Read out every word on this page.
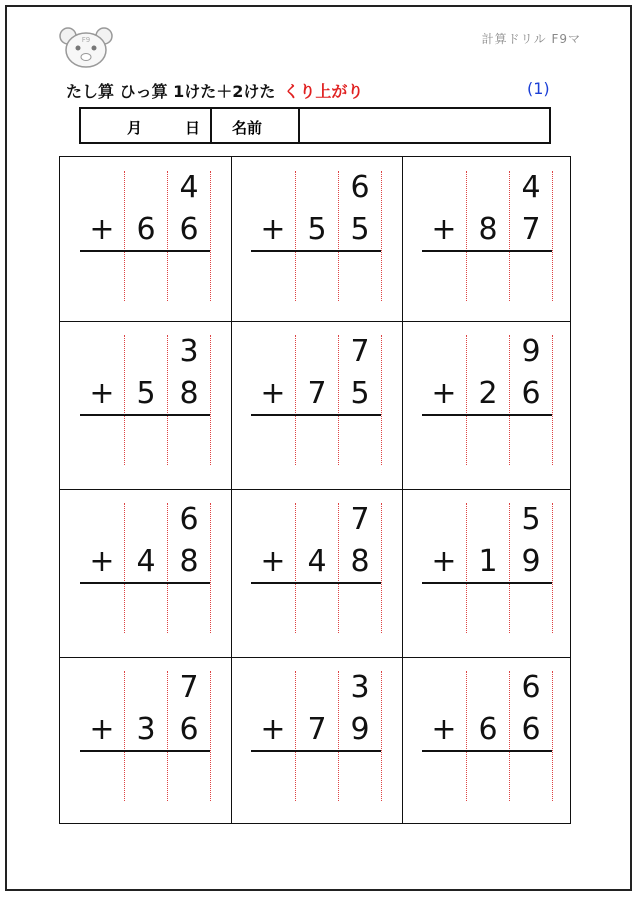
F9	計算ドリル F9マ
たし算 ひっ算 1けた＋2けた くり上がり	(1)
月	日 名前
4
+ 6 6
6
+ 5 5
4
+ 8 7
3
+ 5 8
7
+ 7 5
9
+ 2 6
6
+ 4 8
7
+ 4 8
5
+ 1 9
7
+ 3 6
3
+ 7 9
6
+ 6 6
